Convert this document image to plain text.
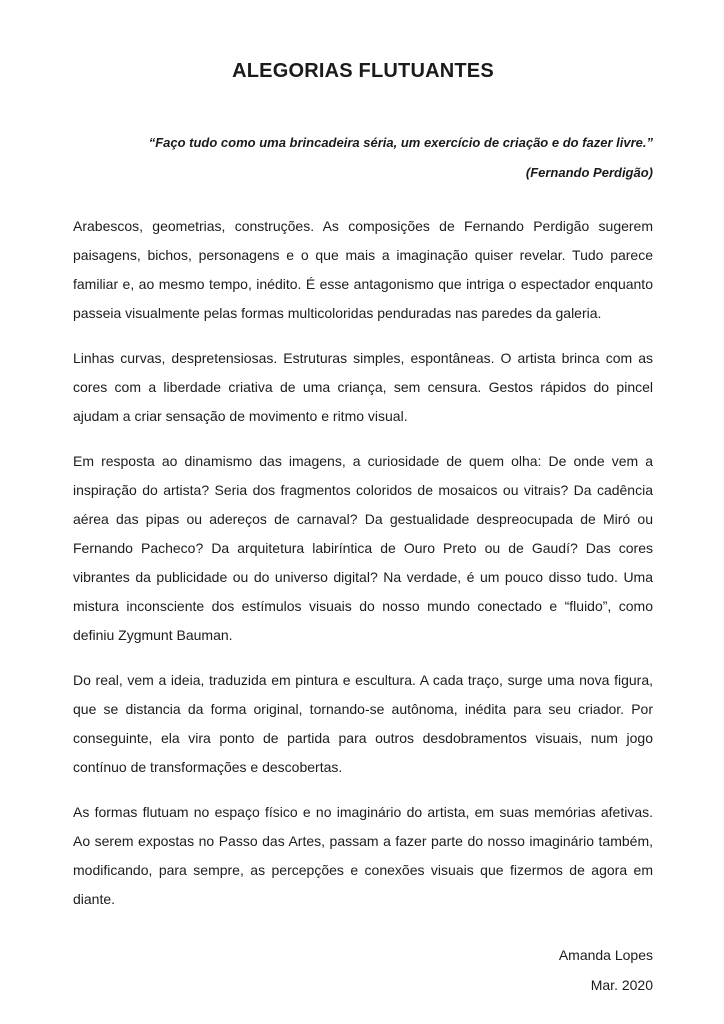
ALEGORIAS FLUTUANTES
“Faço tudo como uma brincadeira séria, um exercício de criação e do fazer livre.”
(Fernando Perdigão)

Arabescos, geometrias, construções. As composições de Fernando Perdigão sugerem paisagens, bichos, personagens e o que mais a imaginação quiser revelar. Tudo parece familiar e, ao mesmo tempo, inédito. É esse antagonismo que intriga o espectador enquanto passeia visualmente pelas formas multicoloridas penduradas nas paredes da galeria.

Linhas curvas, despretensiosas. Estruturas simples, espontâneas. O artista brinca com as cores com a liberdade criativa de uma criança, sem censura. Gestos rápidos do pincel ajudam a criar sensação de movimento e ritmo visual.

Em resposta ao dinamismo das imagens, a curiosidade de quem olha: De onde vem a inspiração do artista? Seria dos fragmentos coloridos de mosaicos ou vitrais? Da cadência aérea das pipas ou adereços de carnaval? Da gestualidade despreocupada de Miró ou Fernando Pacheco? Da arquitetura labiríntica de Ouro Preto ou de Gaudí? Das cores vibrantes da publicidade ou do universo digital? Na verdade, é um pouco disso tudo. Uma mistura inconsciente dos estímulos visuais do nosso mundo conectado e “fluido”, como definiu Zygmunt Bauman.

Do real, vem a ideia, traduzida em pintura e escultura. A cada traço, surge uma nova figura, que se distancia da forma original, tornando-se autônoma, inédita para seu criador. Por conseguinte, ela vira ponto de partida para outros desdobramentos visuais, num jogo contínuo de transformações e descobertas.

As formas flutuam no espaço físico e no imaginário do artista, em suas memórias afetivas. Ao serem expostas no Passo das Artes, passam a fazer parte do nosso imaginário também, modificando, para sempre, as percepções e conexões visuais que fizermos de agora em diante.

Amanda Lopes
Mar. 2020
